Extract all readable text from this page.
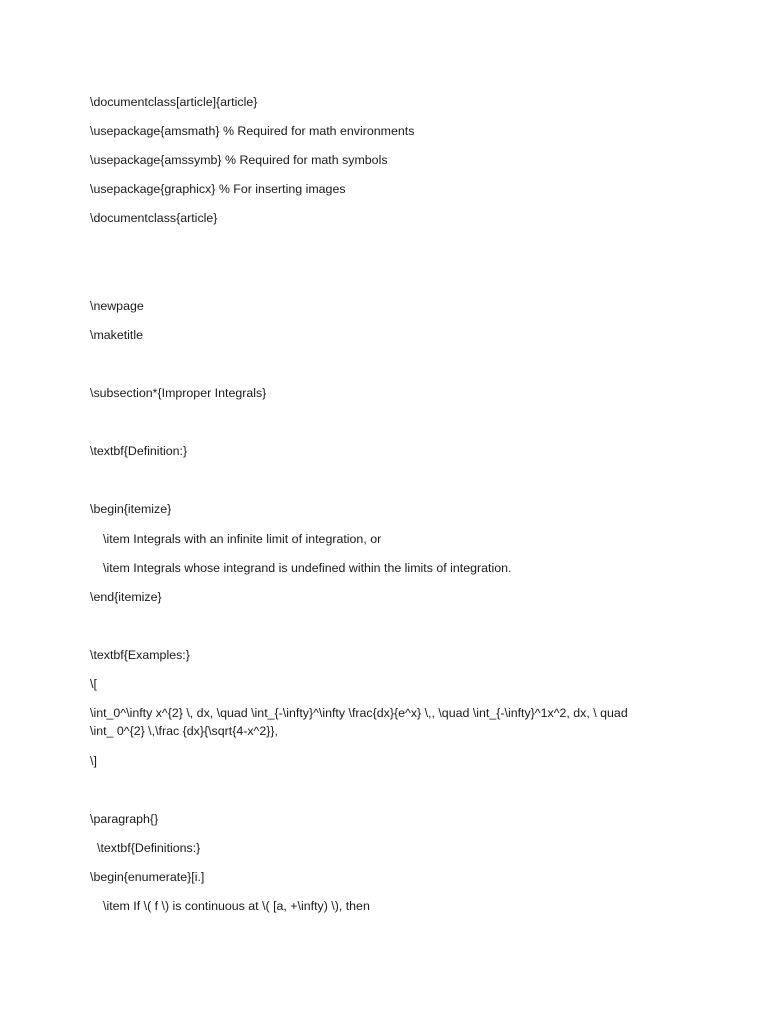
\documentclass[article]{article}
\usepackage{amsmath} % Required for math environments
\usepackage{amssymb} % Required for math symbols
\usepackage{graphicx} % For inserting images
\documentclass{article}
\newpage
\maketitle
\subsection*{Improper Integrals}
\textbf{Definition:}
\begin{itemize}
\item Integrals with an infinite limit of integration, or
\item Integrals whose integrand is undefined within the limits of integration.
\end{itemize}
\textbf{Examples:}
\[
\int_0^\infty x^{2} \, dx, \quad \int_{-\infty}^\infty \frac{dx}{e^x} \,, \quad \int_{-\infty}^1x^2, dx, \ quad \int_ 0^{2} \,\frac {dx}{\sqrt{4-x^2}},
\]
\paragraph{}
\textbf{Definitions:}
\begin{enumerate}[i.]
\item If \( f \) is continuous at \( [a, +\infty) \), then
